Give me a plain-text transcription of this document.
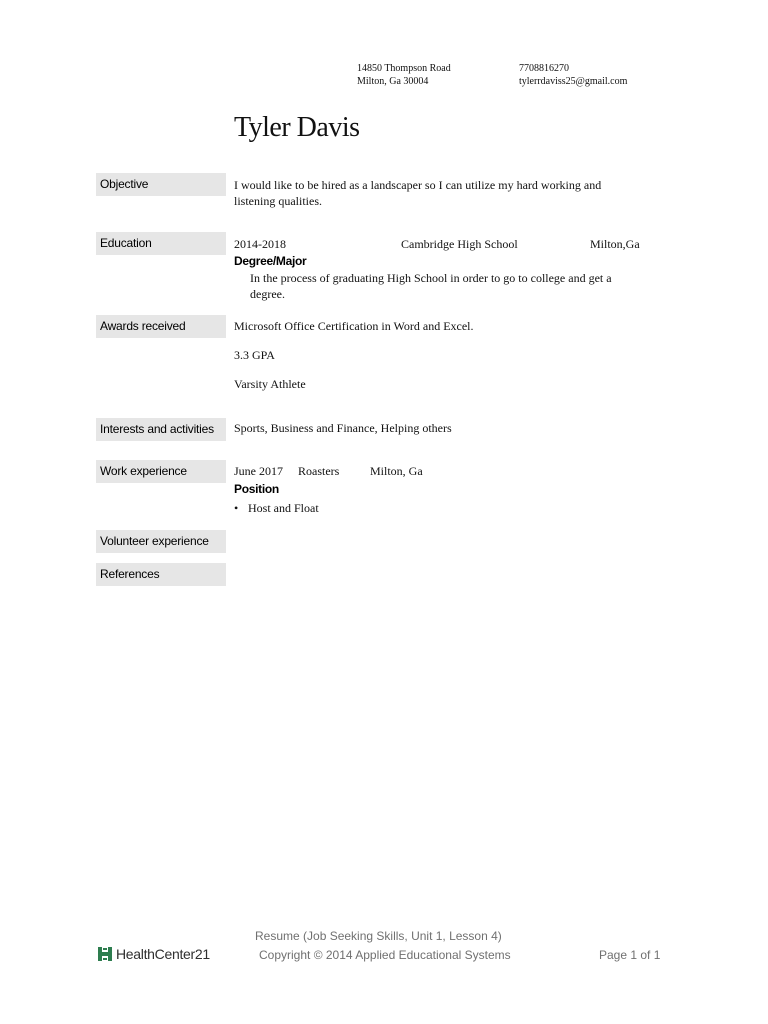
14850 Thompson Road
Milton, Ga 30004
7708816270
tylerrdaviss25@gmail.com
Tyler Davis
Objective	I would like to be hired as a landscaper so I can utilize my hard working and
listening qualities.
Education	2014-2018	Cambridge High School	Milton,Ga
Degree/Major
In the process of graduating High School in order to go to college and get a
degree.
Awards received	Microsoft Office Certification in Word and Excel.
3.3 GPA
Varsity Athlete
Interests and activities	Sports, Business and Finance, Helping others
Work experience	June 2017 Roasters	Milton, Ga
Position
• Host and Float
Volunteer experience
References
Resume (Job Seeking Skills, Unit 1, Lesson 4)
Copyright © 2014 Applied Educational Systems	Page 1 of 1
HealthCenter21
